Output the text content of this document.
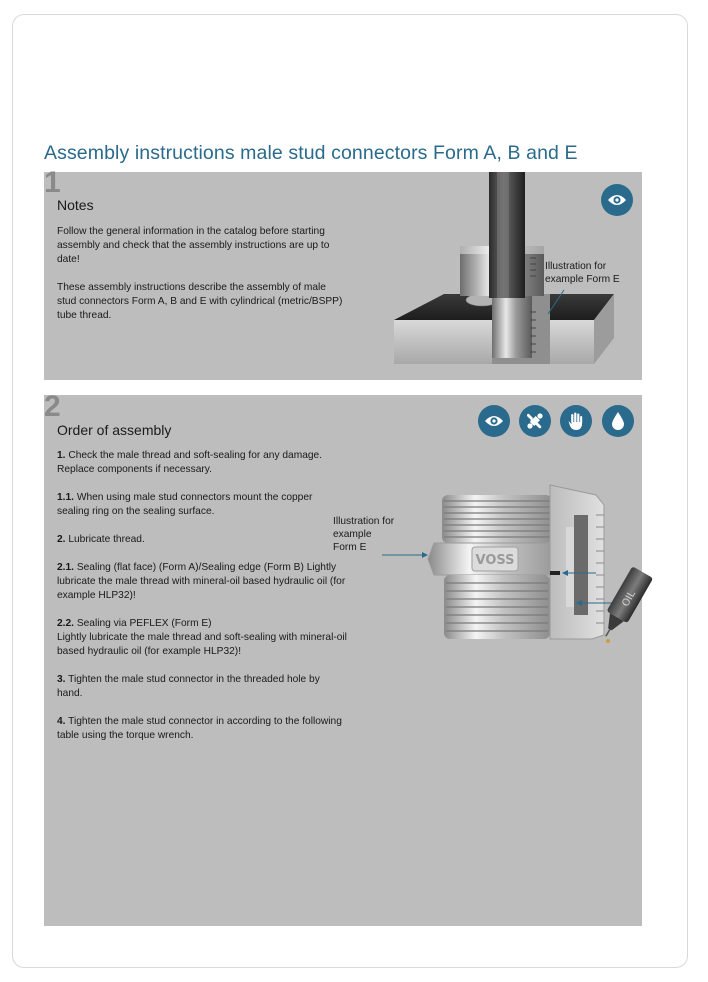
Assembly instructions male stud connectors Form A, B and E
1
Notes

Follow the general information in the catalog before starting assembly and check that the assembly instructions are up to date!

These assembly instructions describe the assembly of male stud connectors Form A, B and E with cylindrical (metric/BSPP) tube thread.

Illustration for
example Form E
2
Order of assembly

1. Check the male thread and soft-sealing for any damage. Replace components if necessary.

1.1. When using male stud connectors mount the copper sealing ring on the sealing surface.

2. Lubricate thread.

2.1. Sealing (flat face) (Form A)/Sealing edge (Form B) Lightly lubricate the male thread with mineral-oil based hydraulic oil (for example HLP32)!

2.2. Sealing via PEFLEX (Form E)
Lightly lubricate the male thread and soft-sealing with mineral-oil based hydraulic oil (for example HLP32)!

3. Tighten the male stud connector in the threaded hole by hand.

4. Tighten the male stud connector in according to the following table using the torque wrench.

VOSS
OIL
Illustration for
example
Form E
